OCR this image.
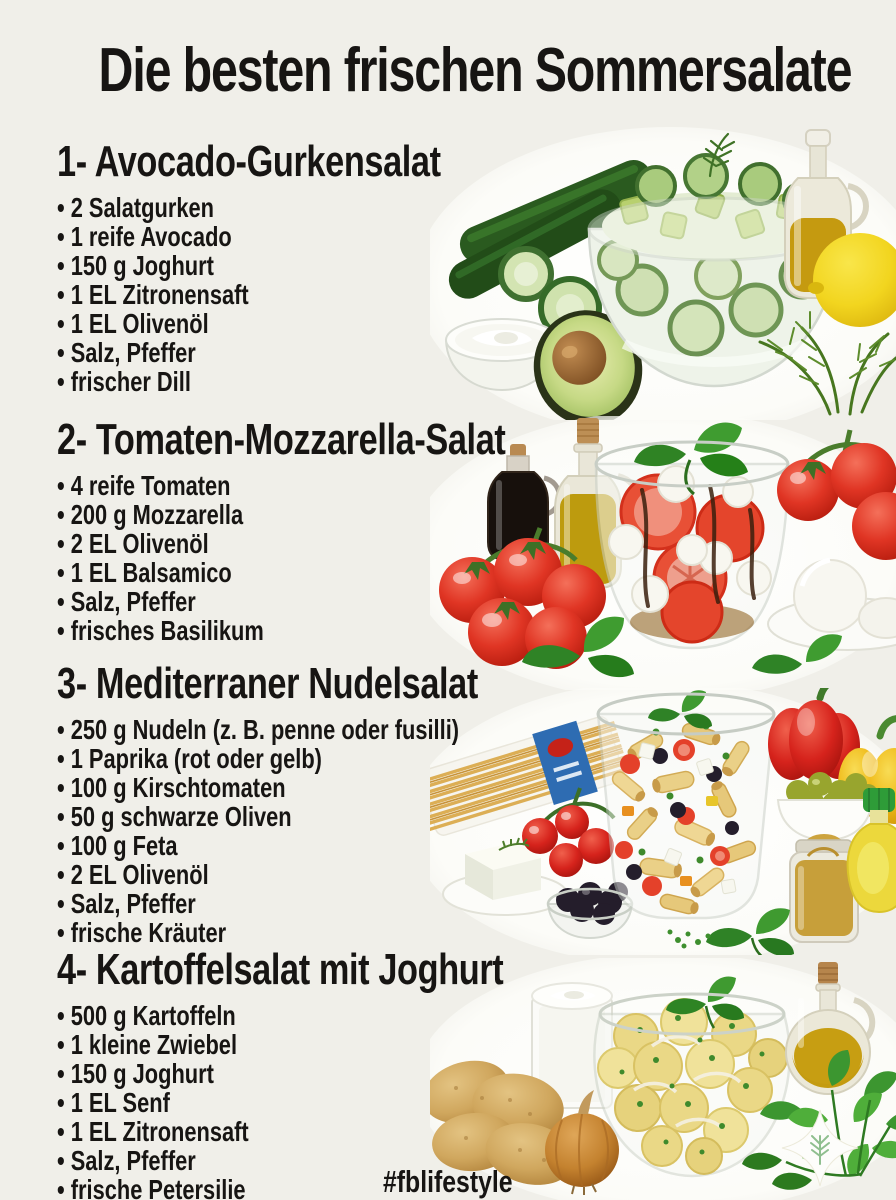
Die besten frischen Sommersalate
1- Avocado-Gurkensalat
• 2 Salatgurken
• 1 reife Avocado
• 150 g Joghurt
• 1 EL Zitronensaft
• 1 EL Olivenöl
• Salz, Pfeffer
• frischer Dill
2- Tomaten-Mozzarella-Salat
• 4 reife Tomaten
• 200 g Mozzarella
• 2 EL Olivenöl
• 1 EL Balsamico
• Salz, Pfeffer
• frisches Basilikum
3- Mediterraner Nudelsalat
• 250 g Nudeln (z. B. penne oder fusilli)
• 1 Paprika (rot oder gelb)
• 100 g Kirschtomaten
• 50 g schwarze Oliven
• 100 g Feta
• 2 EL Olivenöl
• Salz, Pfeffer
• frische Kräuter
4- Kartoffelsalat mit Joghurt
• 500 g Kartoffeln
• 1 kleine Zwiebel
• 150 g Joghurt
• 1 EL Senf
• 1 EL Zitronensaft
• Salz, Pfeffer
• frische Petersilie	#fblifestyle
